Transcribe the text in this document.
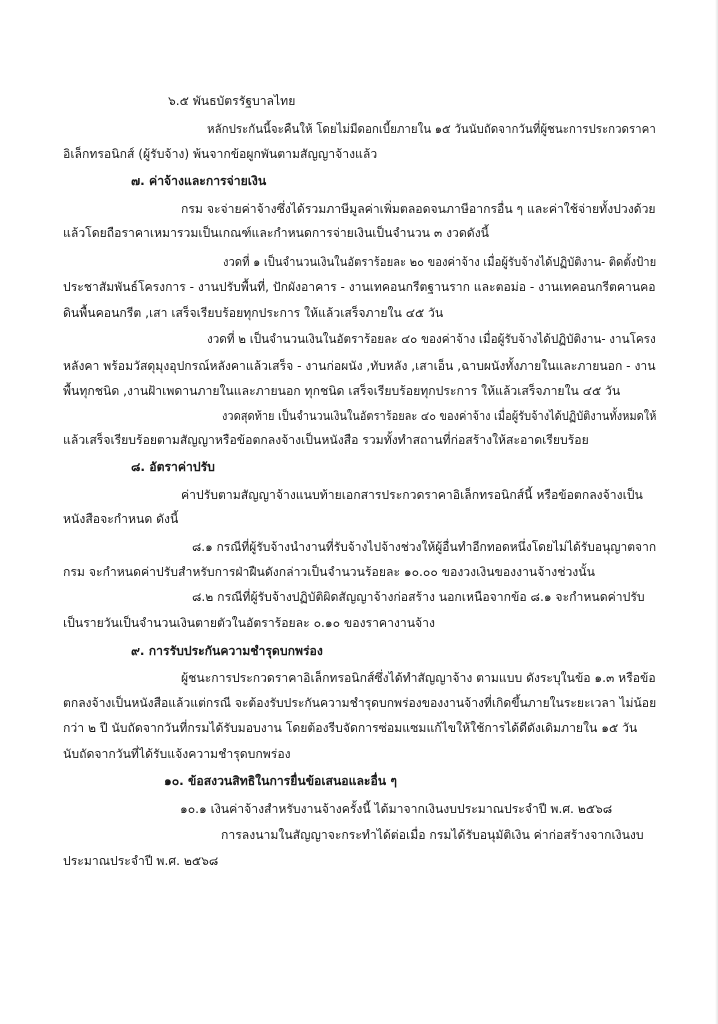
๖.๕ พันธบัตรรัฐบาลไทย
หลักประกันนี้จะคืนให้ โดยไม่มีดอกเบี้ยภายใน ๑๕ วันนับถัดจากวันที่ผู้ชนะการประกวดราคา
อิเล็กทรอนิกส์ (ผู้รับจ้าง) พ้นจากข้อผูกพันตามสัญญาจ้างแล้ว
๗. ค่าจ้างและการจ่ายเงิน
กรม จะจ่ายค่าจ้างซึ่งได้รวมภาษีมูลค่าเพิ่มตลอดจนภาษีอากรอื่น ๆ และค่าใช้จ่ายทั้งปวงด้วย
แล้วโดยถือราคาเหมารวมเป็นเกณฑ์และกำหนดการจ่ายเงินเป็นจำนวน ๓ งวดดังนี้
งวดที่ ๑ เป็นจำนวนเงินในอัตราร้อยละ ๒๐ ของค่าจ้าง เมื่อผู้รับจ้างได้ปฏิบัติงาน- ติดตั้งป้าย
ประชาสัมพันธ์โครงการ - งานปรับพื้นที่, ปักผังอาคาร - งานเทคอนกรีตฐานราก และตอม่อ - งานเทคอนกรีตคานคอ
ดินพื้นคอนกรีต ,เสา เสร็จเรียบร้อยทุกประการ ให้แล้วเสร็จภายใน ๔๕ วัน
งวดที่ ๒ เป็นจำนวนเงินในอัตราร้อยละ ๔๐ ของค่าจ้าง เมื่อผู้รับจ้างได้ปฏิบัติงาน- งานโครง
หลังคา พร้อมวัสดุมุงอุปกรณ์หลังคาแล้วเสร็จ - งานก่อผนัง ,ทับหลัง ,เสาเอ็น ,ฉาบผนังทั้งภายในและภายนอก - งาน
พื้นทุกชนิด ,งานฝ้าเพดานภายในและภายนอก ทุกชนิด เสร็จเรียบร้อยทุกประการ ให้แล้วเสร็จภายใน ๔๕ วัน
งวดสุดท้าย เป็นจำนวนเงินในอัตราร้อยละ ๔๐ ของค่าจ้าง เมื่อผู้รับจ้างได้ปฏิบัติงานทั้งหมดให้
แล้วเสร็จเรียบร้อยตามสัญญาหรือข้อตกลงจ้างเป็นหนังสือ รวมทั้งทำสถานที่ก่อสร้างให้สะอาดเรียบร้อย
๘. อัตราค่าปรับ
ค่าปรับตามสัญญาจ้างแนบท้ายเอกสารประกวดราคาอิเล็กทรอนิกส์นี้ หรือข้อตกลงจ้างเป็น
หนังสือจะกำหนด ดังนี้
๘.๑ กรณีที่ผู้รับจ้างนำงานที่รับจ้างไปจ้างช่วงให้ผู้อื่นทำอีกทอดหนึ่งโดยไม่ได้รับอนุญาตจาก
กรม จะกำหนดค่าปรับสำหรับการฝ่าฝืนดังกล่าวเป็นจำนวนร้อยละ ๑๐.๐๐ ของวงเงินของงานจ้างช่วงนั้น
๘.๒ กรณีที่ผู้รับจ้างปฏิบัติผิดสัญญาจ้างก่อสร้าง นอกเหนือจากข้อ ๘.๑ จะกำหนดค่าปรับ
เป็นรายวันเป็นจำนวนเงินตายตัวในอัตราร้อยละ ๐.๑๐ ของราคางานจ้าง
๙. การรับประกันความชำรุดบกพร่อง
ผู้ชนะการประกวดราคาอิเล็กทรอนิกส์ซึ่งได้ทำสัญญาจ้าง ตามแบบ ดังระบุในข้อ ๑.๓ หรือข้อ
ตกลงจ้างเป็นหนังสือแล้วแต่กรณี จะต้องรับประกันความชำรุดบกพร่องของงานจ้างที่เกิดขึ้นภายในระยะเวลา ไม่น้อย
กว่า ๒ ปี นับถัดจากวันที่กรมได้รับมอบงาน โดยต้องรีบจัดการซ่อมแซมแก้ไขให้ใช้การได้ดีดังเดิมภายใน ๑๕ วัน
นับถัดจากวันที่ได้รับแจ้งความชำรุดบกพร่อง
๑๐. ข้อสงวนสิทธิในการยื่นข้อเสนอและอื่น ๆ
๑๐.๑ เงินค่าจ้างสำหรับงานจ้างครั้งนี้ ได้มาจากเงินงบประมาณประจำปี พ.ศ. ๒๕๖๘
การลงนามในสัญญาจะกระทำได้ต่อเมื่อ กรมได้รับอนุมัติเงิน ค่าก่อสร้างจากเงินงบ
ประมาณประจำปี พ.ศ. ๒๕๖๘
